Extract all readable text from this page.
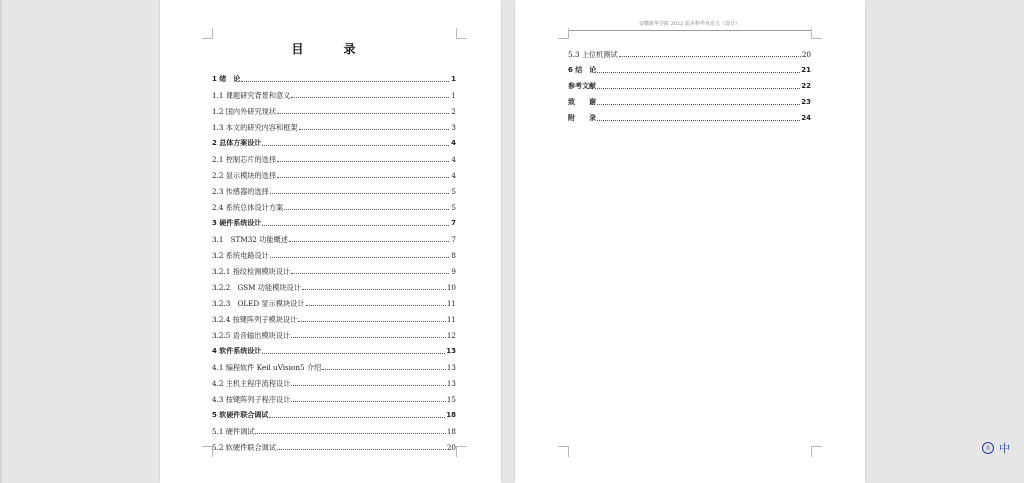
目　录
1 绪　论	1
1.1 课题研究背景和意义	1
1.2 国内外研究现状	2
1.3 本文的研究内容和框架	3
2 总体方案设计	4
2.1 控制芯片的选择	4
2.2 显示模块的选择	4
2.3 传感器的选择	5
2.4 系统总体设计方案	5
3 硬件系统设计	7
3.1　STM32 功能概述	7
3.2 系统电路设计	8
3.2.1 指纹检测模块设计	9
3.2.2　GSM 功能模块设计	10
3.2.3　OLED 显示模块设计	11
3.2.4 按键阵列子模块设计	11
3.2.5 语音输出模块设计	12
4 软件系统设计	13
4.1 编程软件 Keil uVision5 介绍	13
4.2 主机主程序流程设计	13
4.3 按键阵列子程序设计	15
5 软硬件联合调试	18
5.1 硬件调试	18
5.2 软硬件联合调试	20
安徽新华学院 2022 届本科毕业论文（设计）
5.3 上位机测试	20
6 结　论	21
参考文献	22
致　　谢	23
附　　录	24
英 中
